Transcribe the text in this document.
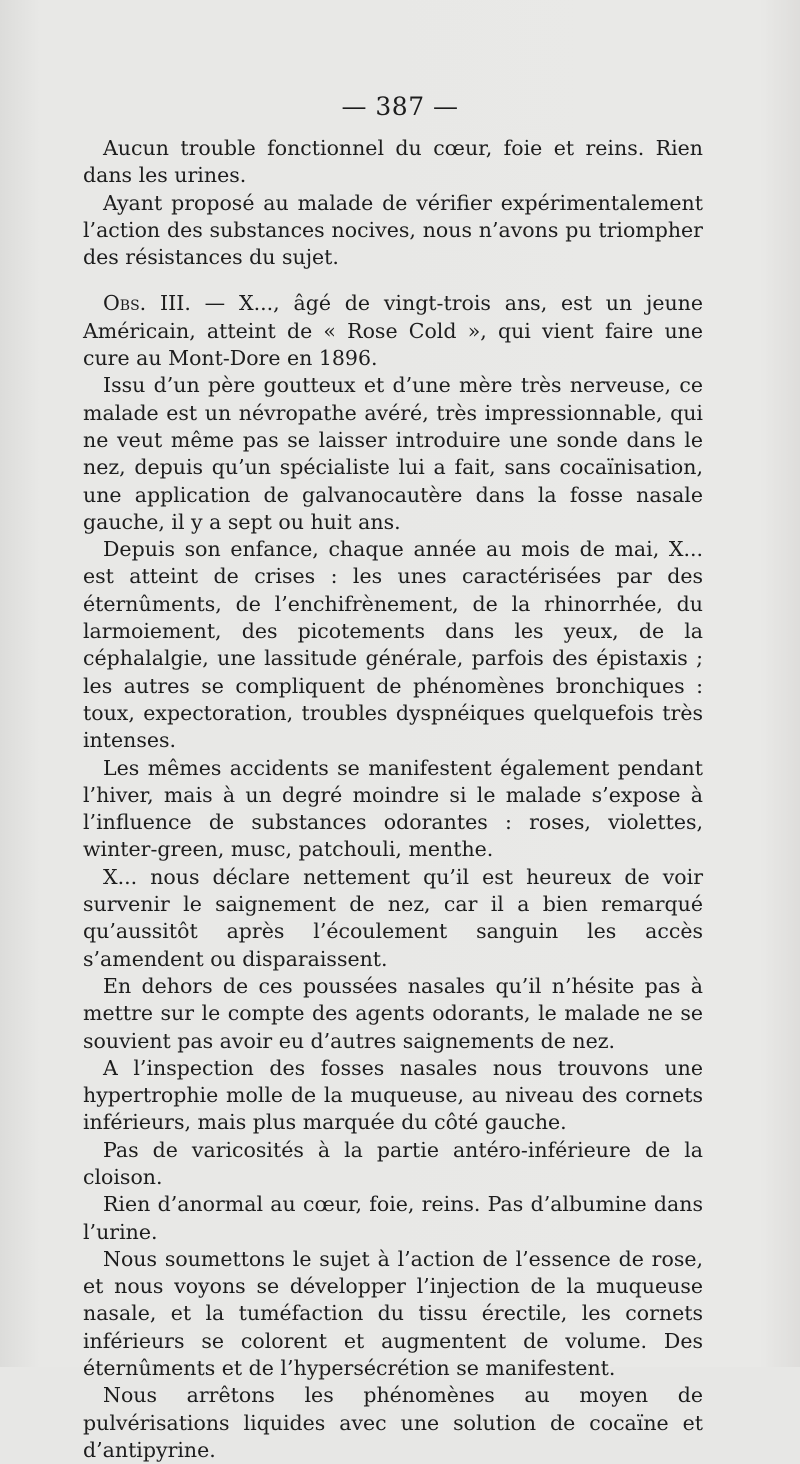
— 387 —

Aucun trouble fonctionnel du cœur, foie et reins. Rien dans les urines.

Ayant proposé au malade de vérifier expérimentalement l’action des substances nocives, nous n’avons pu triompher des résistances du sujet.

Obs. III. — X..., âgé de vingt-trois ans, est un jeune Américain, atteint de « Rose Cold », qui vient faire une cure au Mont-Dore en 1896.

Issu d’un père goutteux et d’une mère très nerveuse, ce malade est un névropathe avéré, très impressionnable, qui ne veut même pas se laisser introduire une sonde dans le nez, depuis qu’un spécialiste lui a fait, sans cocaïnisation, une application de galvanocautère dans la fosse nasale gauche, il y a sept ou huit ans.

Depuis son enfance, chaque année au mois de mai, X... est atteint de crises : les unes caractérisées par des éternûments, de l’enchifrènement, de la rhinorrhée, du larmoiement, des picotements dans les yeux, de la céphalalgie, une lassitude générale, parfois des épistaxis ; les autres se compliquent de phénomènes bronchiques : toux, expectoration, troubles dyspnéiques quelquefois très intenses.

Les mêmes accidents se manifestent également pendant l’hiver, mais à un degré moindre si le malade s’expose à l’influence de substances odorantes : roses, violettes, winter-green, musc, patchouli, menthe.

X... nous déclare nettement qu’il est heureux de voir survenir le saignement de nez, car il a bien remarqué qu’aussitôt après l’écoulement sanguin les accès s’amendent ou disparaissent.

En dehors de ces poussées nasales qu’il n’hésite pas à mettre sur le compte des agents odorants, le malade ne se souvient pas avoir eu d’autres saignements de nez.

A l’inspection des fosses nasales nous trouvons une hypertrophie molle de la muqueuse, au niveau des cornets inférieurs, mais plus marquée du côté gauche.

Pas de varicosités à la partie antéro-inférieure de la cloison.

Rien d’anormal au cœur, foie, reins. Pas d’albumine dans l’urine.

Nous soumettons le sujet à l’action de l’essence de rose, et nous voyons se développer l’injection de la muqueuse nasale, et la tuméfaction du tissu érectile, les cornets inférieurs se colorent et augmentent de volume. Des éternûments et de l’hypersécrétion se manifestent.

Nous arrêtons les phénomènes au moyen de pulvérisations liquides avec une solution de cocaïne et d’antipyrine.
